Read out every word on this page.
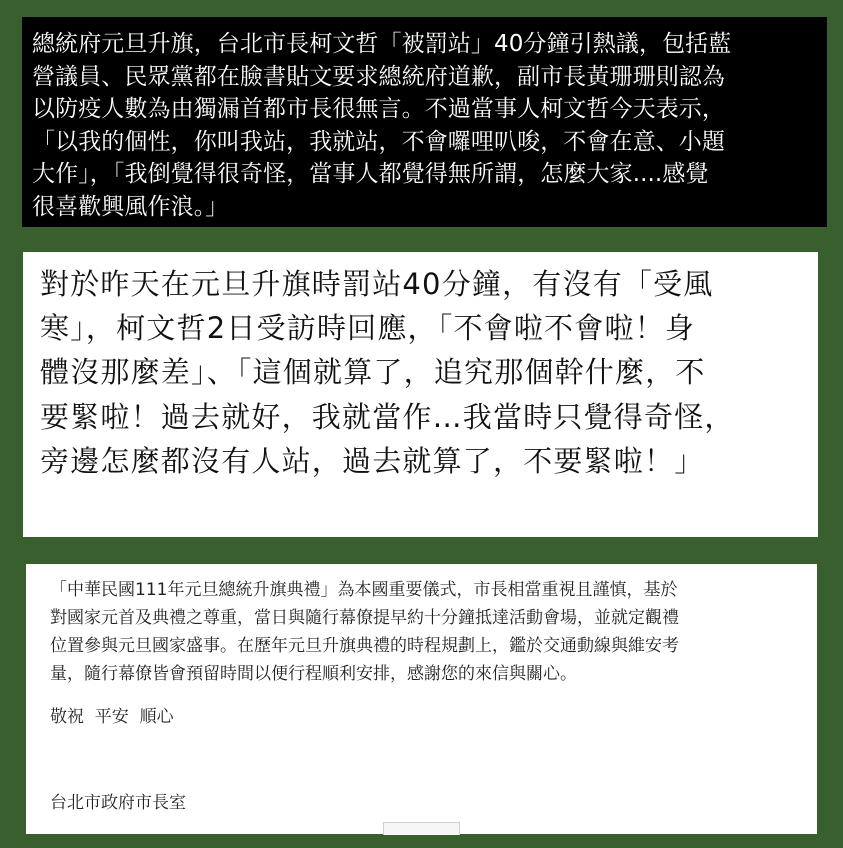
總統府元旦升旗，台北市長柯文哲「被罰站」40分鐘引熱議，包括藍
營議員、民眾黨都在臉書貼文要求總統府道歉，副市長黃珊珊則認為
以防疫人數為由獨漏首都市長很無言。不過當事人柯文哲今天表示，
「以我的個性，你叫我站，我就站，不會囉哩叭唆，不會在意、小題
大作」，「我倒覺得很奇怪，當事人都覺得無所謂，怎麼大家....感覺
很喜歡興風作浪。」
對於昨天在元旦升旗時罰站40分鐘，有沒有「受風
寒」，柯文哲2日受訪時回應，「不會啦不會啦！身
體沒那麼差」、「這個就算了，追究那個幹什麼，不
要緊啦！過去就好，我就當作…我當時只覺得奇怪，
旁邊怎麼都沒有人站，過去就算了，不要緊啦！」
「中華民國111年元旦總統升旗典禮」為本國重要儀式，市長相當重視且謹慎，基於
對國家元首及典禮之尊重，當日與隨行幕僚提早約十分鐘抵達活動會場，並就定觀禮
位置參與元旦國家盛事。在歷年元旦升旗典禮的時程規劃上，鑑於交通動線與維安考
量，隨行幕僚皆會預留時間以便行程順利安排，感謝您的來信與關心。
敬祝  平安  順心
台北市政府市長室
